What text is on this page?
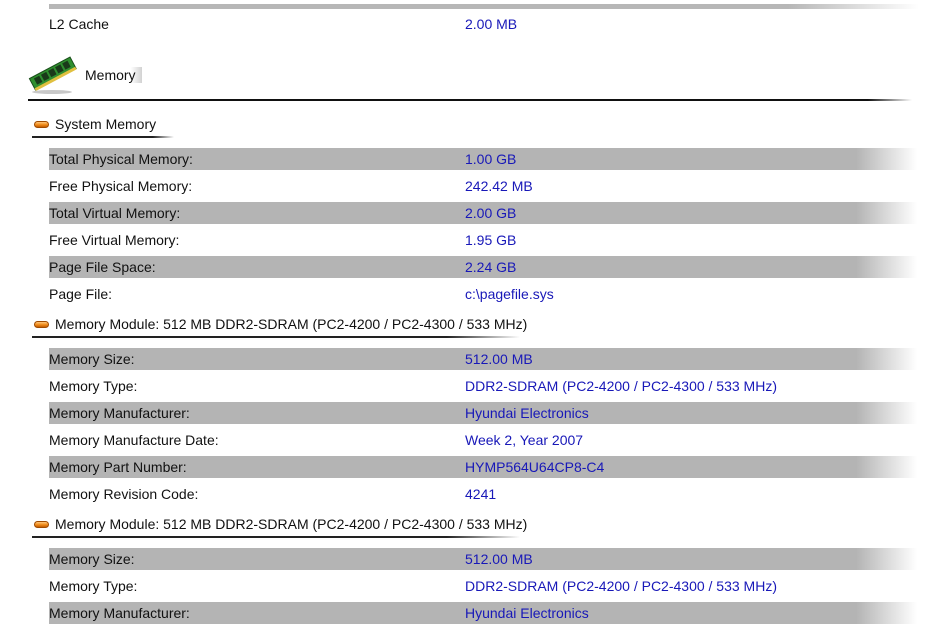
L2 Cache	2.00 MB
Memory
System Memory
Total Physical Memory:	1.00 GB
Free Physical Memory:	242.42 MB
Total Virtual Memory:	2.00 GB
Free Virtual Memory:	1.95 GB
Page File Space:	2.24 GB
Page File:	c:\pagefile.sys
Memory Module: 512 MB DDR2-SDRAM (PC2-4200 / PC2-4300 / 533 MHz)
Memory Size:	512.00 MB
Memory Type:	DDR2-SDRAM (PC2-4200 / PC2-4300 / 533 MHz)
Memory Manufacturer:	Hyundai Electronics
Memory Manufacture Date:	Week 2, Year 2007
Memory Part Number:	HYMP564U64CP8-C4
Memory Revision Code:	4241
Memory Module: 512 MB DDR2-SDRAM (PC2-4200 / PC2-4300 / 533 MHz)
Memory Size:	512.00 MB
Memory Type:	DDR2-SDRAM (PC2-4200 / PC2-4300 / 533 MHz)
Memory Manufacturer:	Hyundai Electronics
